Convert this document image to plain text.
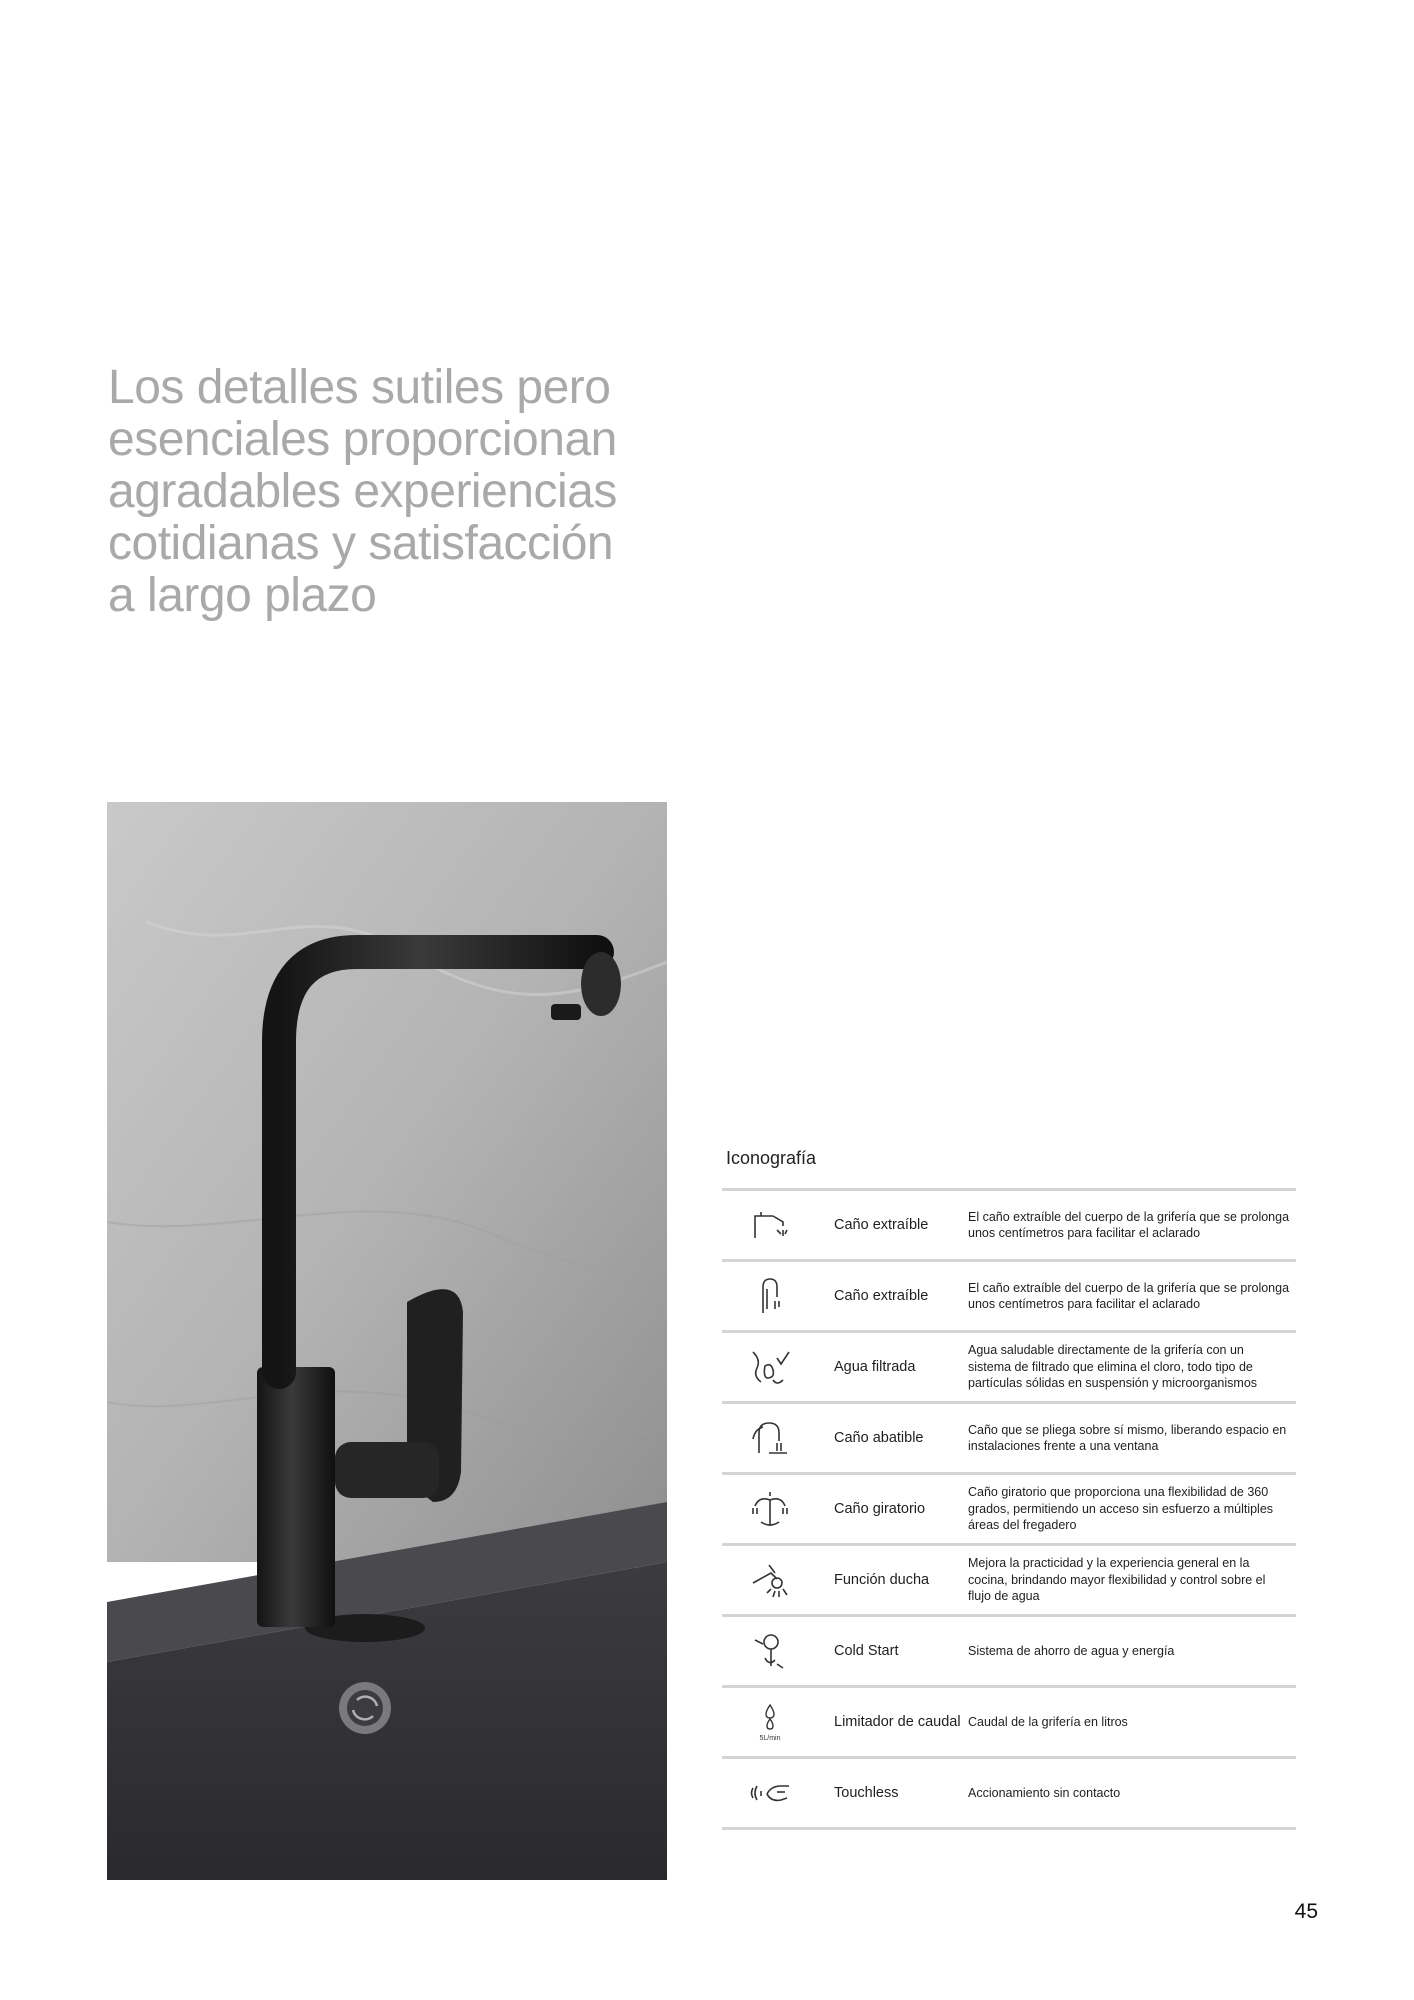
Los detalles sutiles pero
esenciales proporcionan
agradables experiencias
cotidianas y satisfacción
a largo plazo
Iconografía
Caño extraíble
El caño extraíble del cuerpo de la grifería que se prolonga unos centímetros para facilitar el aclarado
Caño extraíble
El caño extraíble del cuerpo de la grifería que se prolonga unos centímetros para facilitar el aclarado
Agua filtrada
Agua saludable directamente de la grifería con un sistema de filtrado que elimina el cloro, todo tipo de partículas sólidas en suspensión y microorganismos
Caño abatible
Caño que se pliega sobre sí mismo, liberando espacio en instalaciones frente a una ventana
Caño giratorio
Caño giratorio que proporciona una flexibilidad de 360 grados, permitiendo un acceso sin esfuerzo a múltiples áreas del fregadero
Función ducha
Mejora la practicidad y la experiencia general en la cocina, brindando mayor flexibilidad y control sobre el flujo de agua
Cold Start	Sistema de ahorro de agua y energía
5L/min
Limitador de caudal Caudal de la grifería en litros
Touchless	Accionamiento sin contacto
45
